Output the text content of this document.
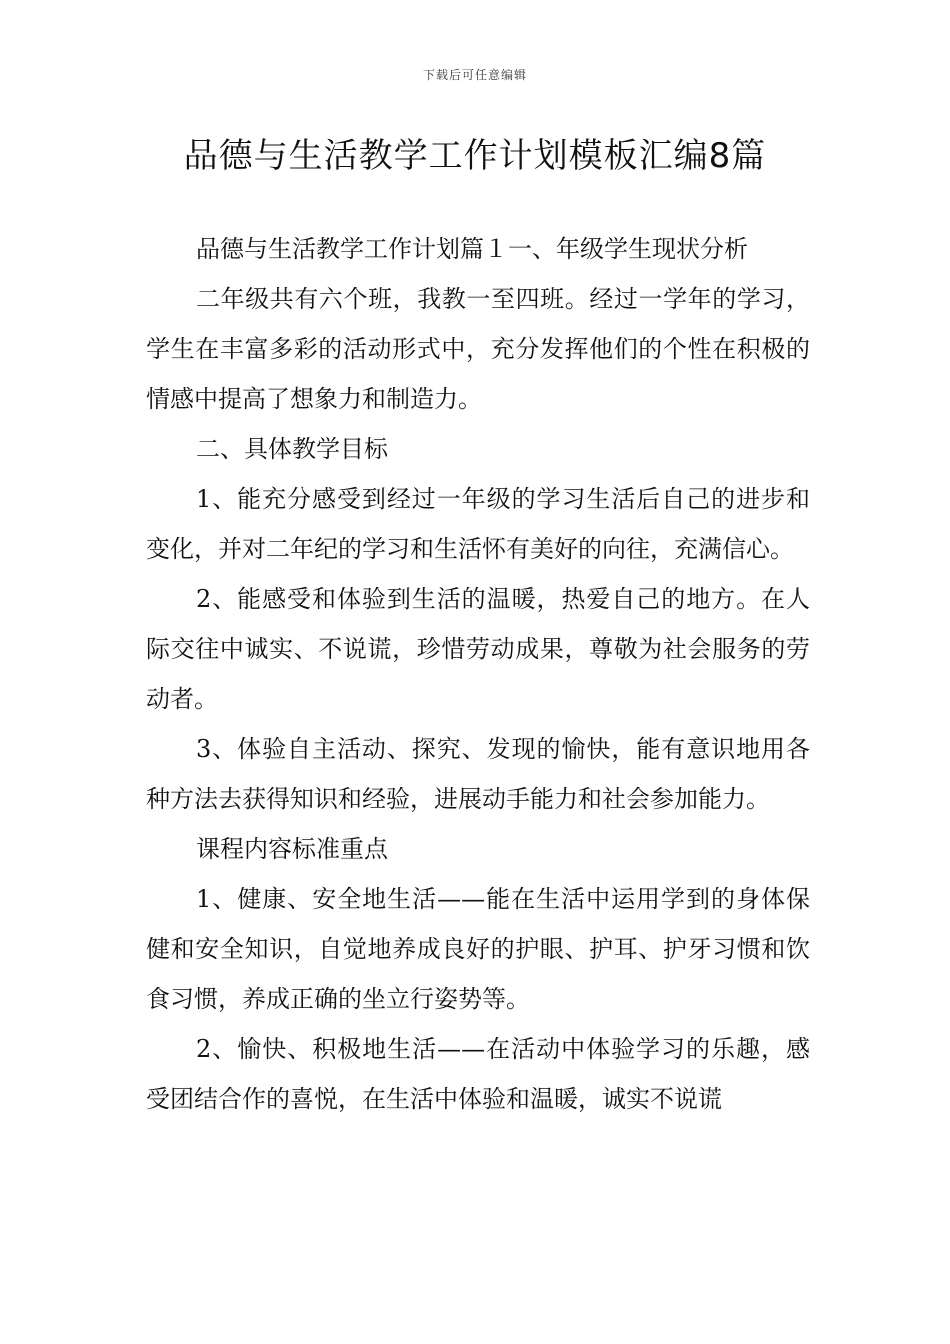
下载后可任意编辑
品德与生活教学工作计划模板汇编8篇

品德与生活教学工作计划篇１一、年级学生现状分析

二年级共有六个班，我教一至四班。经过一学年的学习，学生在丰富多彩的活动形式中，充分发挥他们的个性在积极的情感中提高了想象力和制造力。

二、具体教学目标

1、能充分感受到经过一年级的学习生活后自己的进步和变化，并对二年纪的学习和生活怀有美好的向往，充满信心。

2、能感受和体验到生活的温暖，热爱自己的地方。在人际交往中诚实、不说谎，珍惜劳动成果，尊敬为社会服务的劳动者。

3、体验自主活动、探究、发现的愉快，能有意识地用各种方法去获得知识和经验，进展动手能力和社会参加能力。

课程内容标准重点

1、健康、安全地生活——能在生活中运用学到的身体保健和安全知识，自觉地养成良好的护眼、护耳、护牙习惯和饮食习惯，养成正确的坐立行姿势等。

2、愉快、积极地生活——在活动中体验学习的乐趣，感受团结合作的喜悦，在生活中体验和温暖，诚实不说谎
